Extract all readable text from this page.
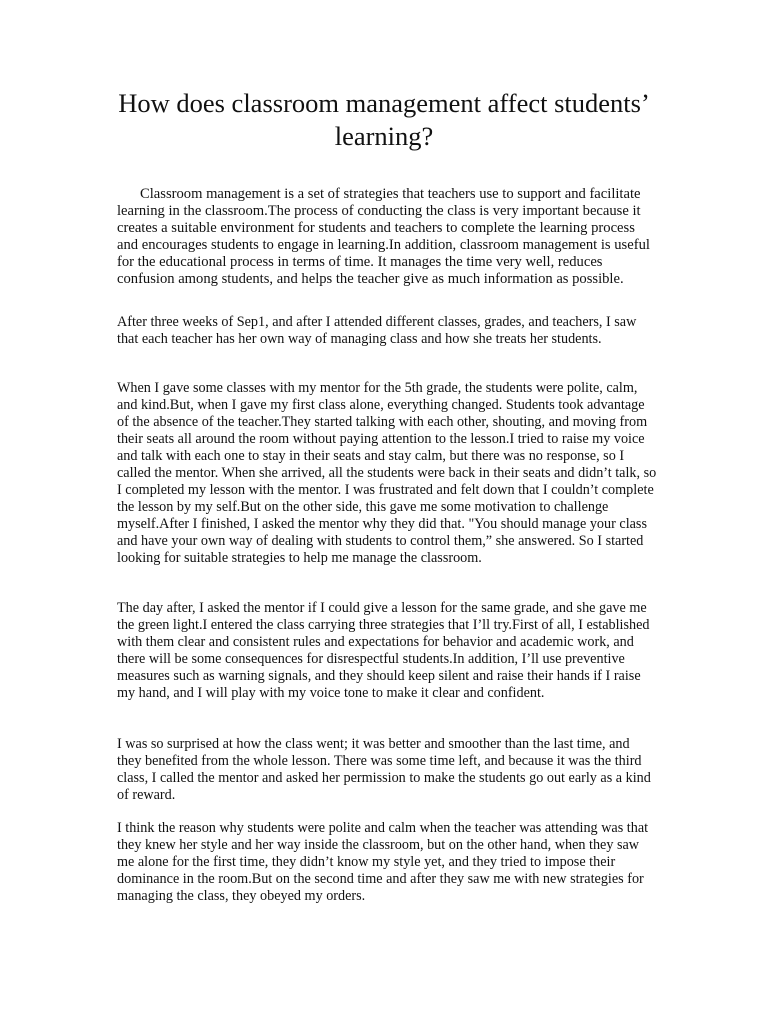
How does classroom management affect students’ learning?

Classroom management is a set of strategies that teachers use to support and facilitate learning in the classroom.The process of conducting the class is very important because it creates a suitable environment for students and teachers to complete the learning process and encourages students to engage in learning.In addition, classroom management is useful for the educational process in terms of time. It manages the time very well, reduces confusion among students, and helps the teacher give as much information as possible.

After three weeks of Sep1, and after I attended different classes, grades, and teachers, I saw that each teacher has her own way of managing class and how she treats her students.

When I gave some classes with my mentor for the 5th grade, the students were polite, calm, and kind.But, when I gave my first class alone, everything changed. Students took advantage of the absence of the teacher.They started talking with each other, shouting, and moving from their seats all around the room without paying attention to the lesson.I tried to raise my voice and talk with each one to stay in their seats and stay calm, but there was no response, so I called the mentor. When she arrived, all the students were back in their seats and didn’t talk, so I completed my lesson with the mentor. I was frustrated and felt down that I couldn’t complete the lesson by my self.But on the other side, this gave me some motivation to challenge myself.After I finished, I asked the mentor why they did that. "You should manage your class and have your own way of dealing with students to control them,” she answered. So I started looking for suitable strategies to help me manage the classroom.

The day after, I asked the mentor if I could give a lesson for the same grade, and she gave me the green light.I entered the class carrying three strategies that I’ll try.First of all, I established with them clear and consistent rules and expectations for behavior and academic work, and there will be some consequences for disrespectful students.In addition, I’ll use preventive measures such as warning signals, and they should keep silent and raise their hands if I raise my hand, and I will play with my voice tone to make it clear and confident.

I was so surprised at how the class went; it was better and smoother than the last time, and they benefited from the whole lesson. There was some time left, and because it was the third class, I called the mentor and asked her permission to make the students go out early as a kind of reward.

I think the reason why students were polite and calm when the teacher was attending was that they knew her style and her way inside the classroom, but on the other hand, when they saw me alone for the first time, they didn’t know my style yet, and they tried to impose their dominance in the room.But on the second time and after they saw me with new strategies for managing the class, they obeyed my orders.
